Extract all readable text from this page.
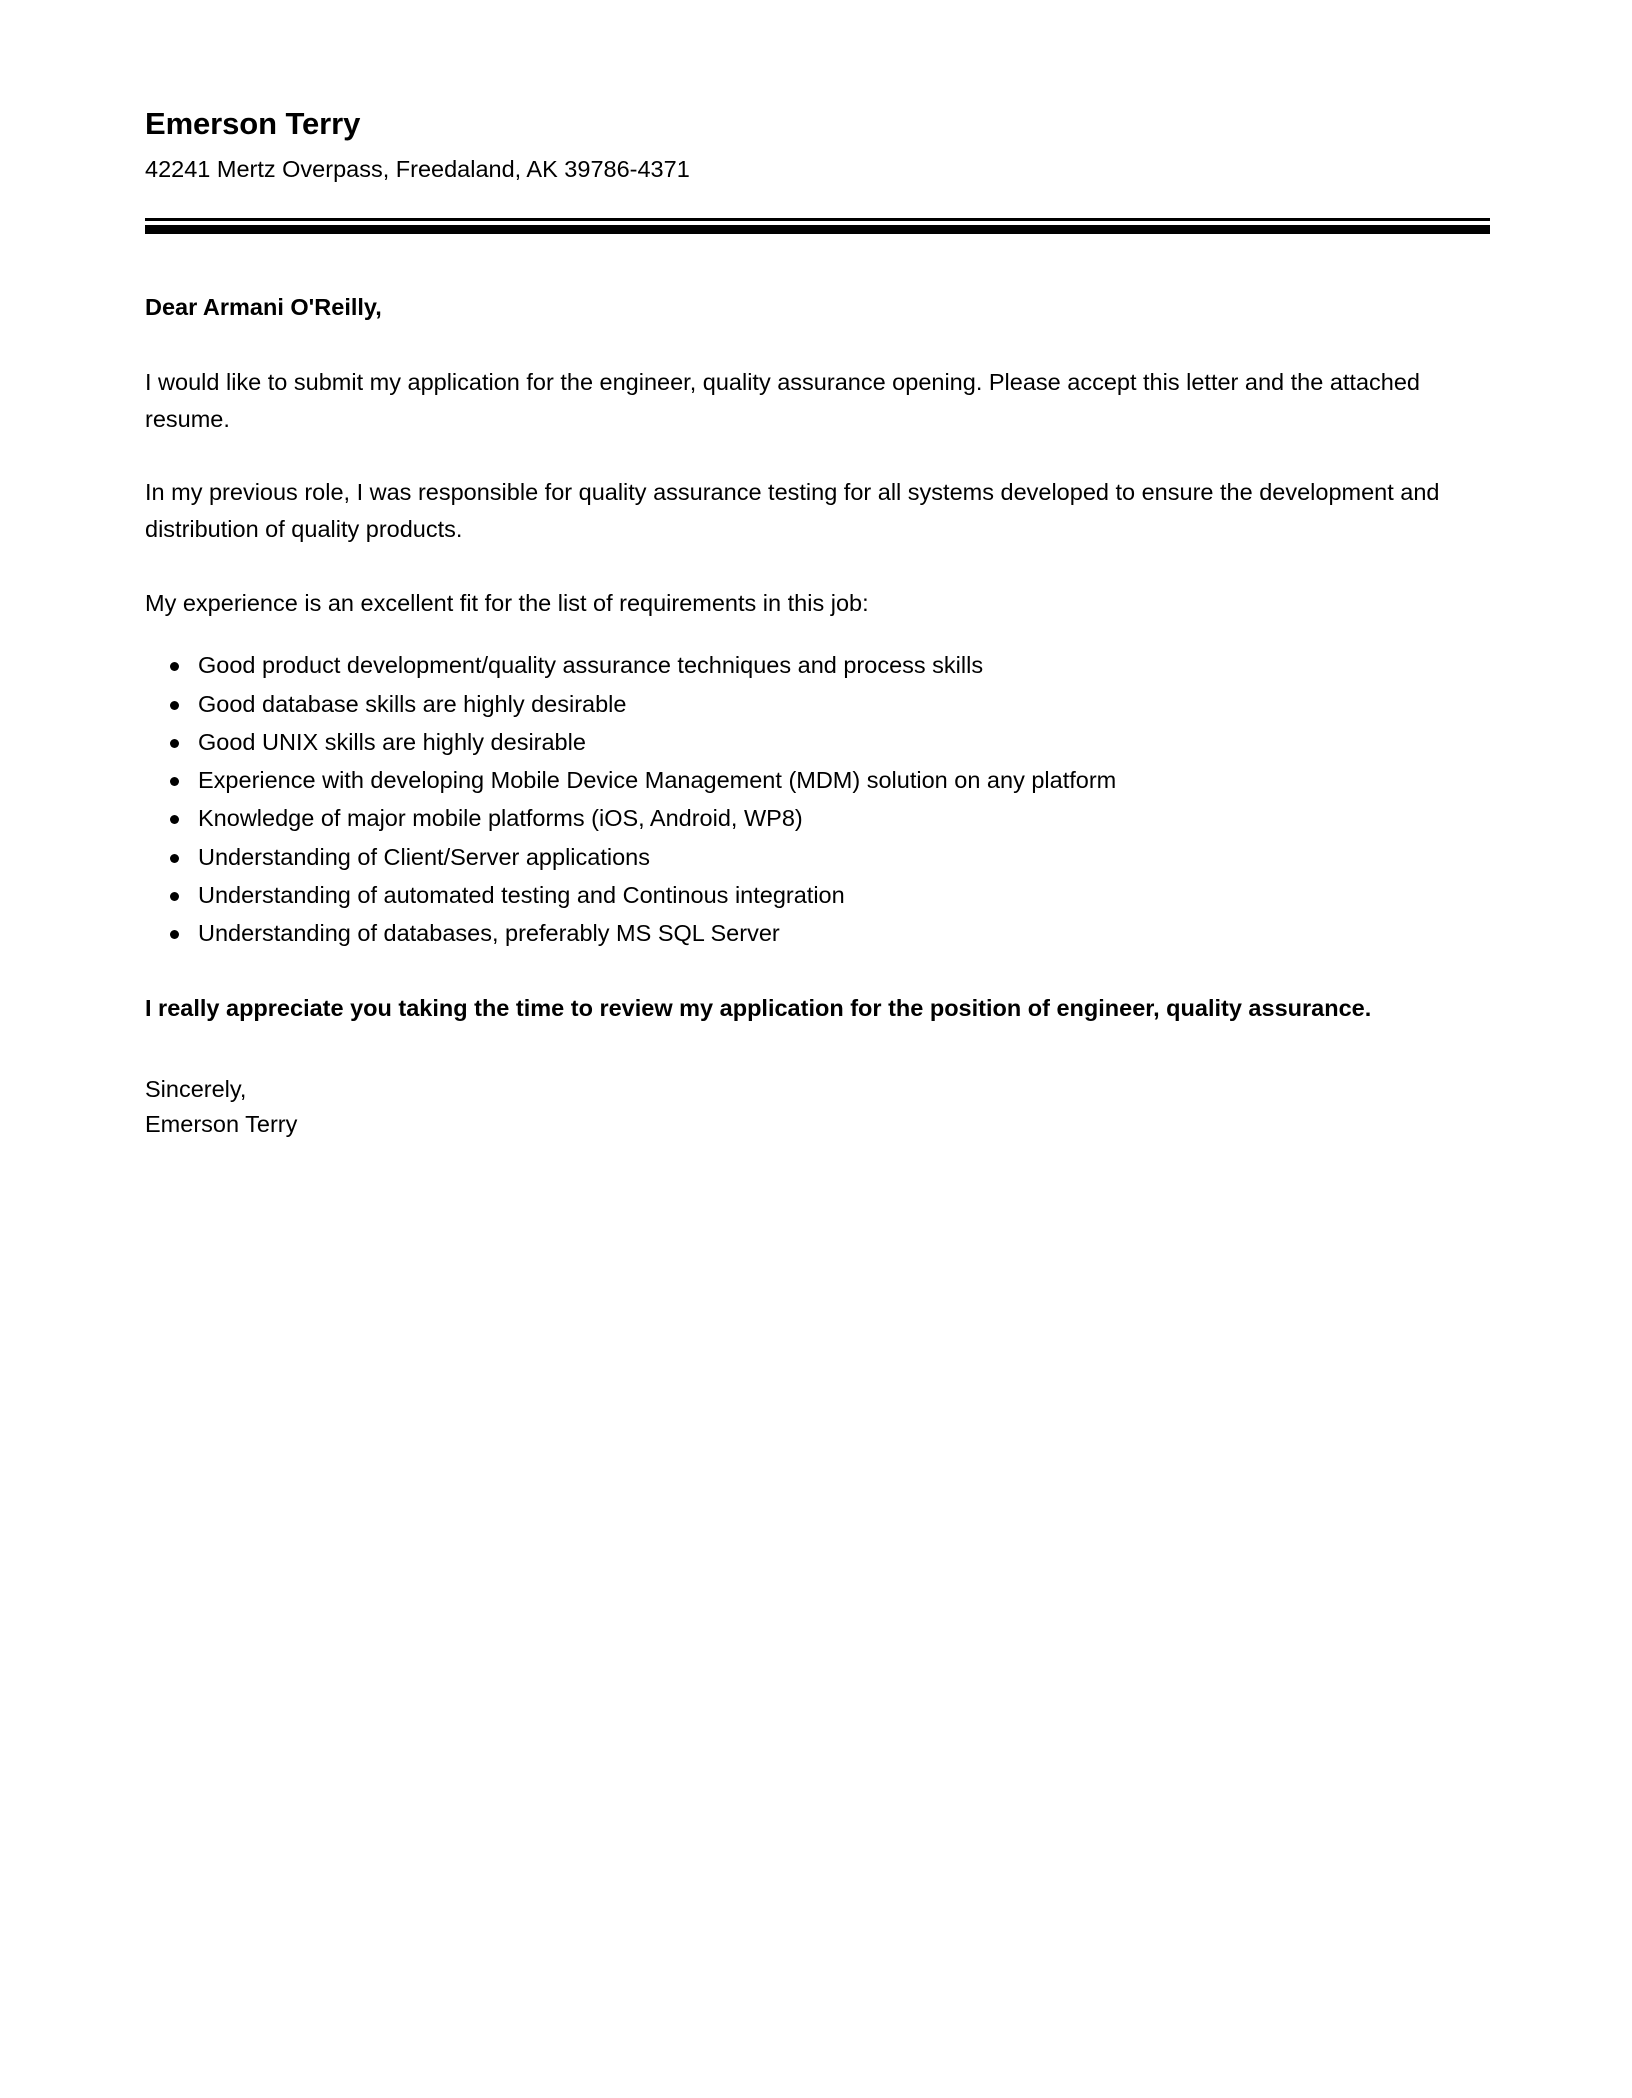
Emerson Terry
42241 Mertz Overpass, Freedaland, AK 39786-4371

Dear Armani O'Reilly,

I would like to submit my application for the engineer, quality assurance opening. Please accept this letter and the attached resume.

In my previous role, I was responsible for quality assurance testing for all systems developed to ensure the development and distribution of quality products.

My experience is an excellent fit for the list of requirements in this job:

Good product development/quality assurance techniques and process skills
Good database skills are highly desirable
Good UNIX skills are highly desirable
Experience with developing Mobile Device Management (MDM) solution on any platform
Knowledge of major mobile platforms (iOS, Android, WP8)
Understanding of Client/Server applications
Understanding of automated testing and Continous integration
Understanding of databases, preferably MS SQL Server

I really appreciate you taking the time to review my application for the position of engineer, quality assurance.

Sincerely,

Emerson Terry
